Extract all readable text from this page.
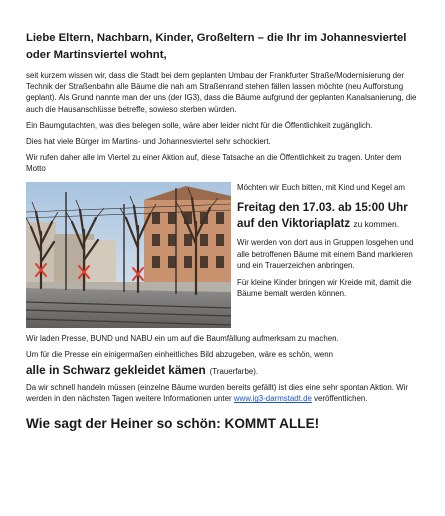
Liebe Eltern, Nachbarn, Kinder, Großeltern – die Ihr im Johannesviertel oder Martinsviertel wohnt,

seit kurzem wissen wir, dass die Stadt bei dem geplanten Umbau der Frankfurter Straße/Modernisierung der Technik der Straßenbahn alle Bäume die nah am Straßenrand stehen fällen lassen möchte (neu Aufforstung geplant). Als Grund nannte man der uns (der IG3), dass die Bäume aufgrund der geplanten Kanalsanierung, die auch die Hausanschlüsse betreffe, sowieso sterben würden.

Ein Baumgutachten, was dies belegen solle, wäre aber leider nicht für die Öffentlichkeit zugänglich.

Dies hat viele Bürger im Martins- und Johannesviertel sehr schockiert.

Wir rufen daher alle im Viertel zu einer Aktion auf, diese Tatsache an die Öffentlichkeit zu tragen. Unter dem Motto

Möchten wir Euch bitten, mit Kind und Kegel am

Freitag den 17.03. ab 15:00 Uhr auf den Viktoriaplatz zu kommen.

Wir werden von dort aus in Gruppen losgehen und alle betroffenen Bäume mit einem Band markieren und ein Trauerzeichen anbringen.

Für kleine Kinder bringen wir Kreide mit, damit die Bäume bemalt werden können.

Wir laden Presse, BUND und NABU ein um auf die Baumfällung aufmerksam zu machen.

Um für die Presse ein einigermaßen einheitliches Bild abzugeben, wäre es schön, wenn

alle in Schwarz gekleidet kämen (Trauerfarbe).

Da wir schnell handeln müssen (einzelne Bäume wurden bereits gefällt) ist dies eine sehr spontan Aktion. Wir werden in den nächsten Tagen weitere Informationen unter www.ig3-darmstadt.de veröffentlichen.

Wie sagt der Heiner so schön: KOMMT ALLE!
